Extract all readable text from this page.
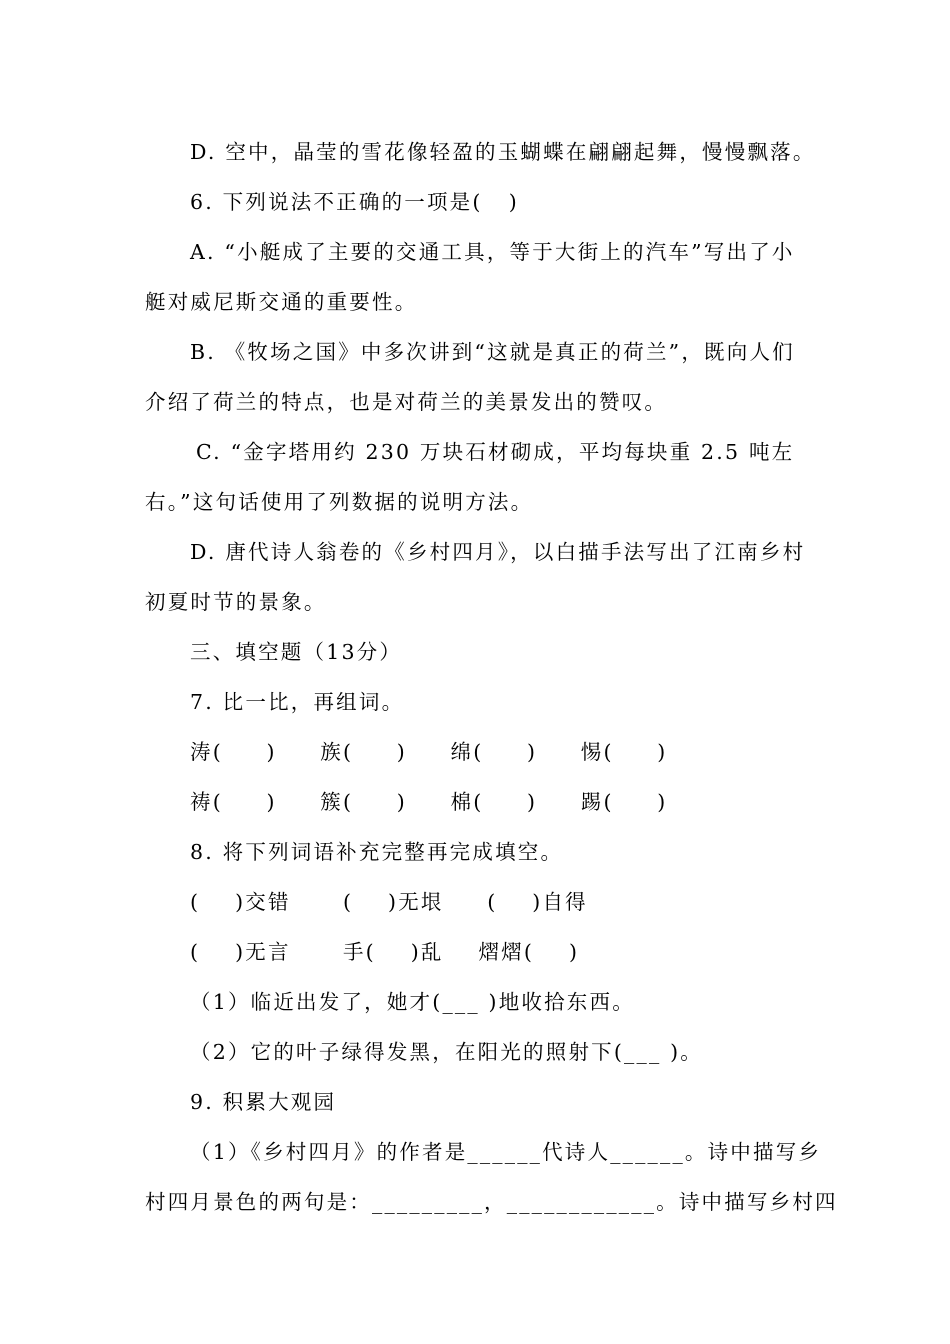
D. 空中，晶莹的雪花像轻盈的玉蝴蝶在翩翩起舞，慢慢飘落。
6. 下列说法不正确的一项是(   )
A. “小艇成了主要的交通工具，等于大街上的汽车”写出了小
艇对威尼斯交通的重要性。
B. 《牧场之国》中多次讲到“这就是真正的荷兰”，既向人们
介绍了荷兰的特点，也是对荷兰的美景发出的赞叹。
C. “金字塔用约 230 万块石材砌成，平均每块重 2.5 吨左
右。”这句话使用了列数据的说明方法。
D. 唐代诗人翁卷的《乡村四月》，以白描手法写出了江南乡村
初夏时节的景象。
三、填空题（13分）
7. 比一比，再组词。
涛(     )     族(     )     绵(     )     惕(     )
祷(     )     簇(     )     棉(     )     踢(     )
8. 将下列词语补充完整再完成填空。
(    )交错      (    )无垠     (    )自得
(    )无言      手(    )乱    熠熠(    )
（1）临近出发了，她才(___ )地收拾东西。
（2）它的叶子绿得发黑，在阳光的照射下(___ )。
9. 积累大观园
（1）《乡村四月》的作者是______代诗人______。诗中描写乡
村四月景色的两句是：_________，____________。诗中描写乡村四
